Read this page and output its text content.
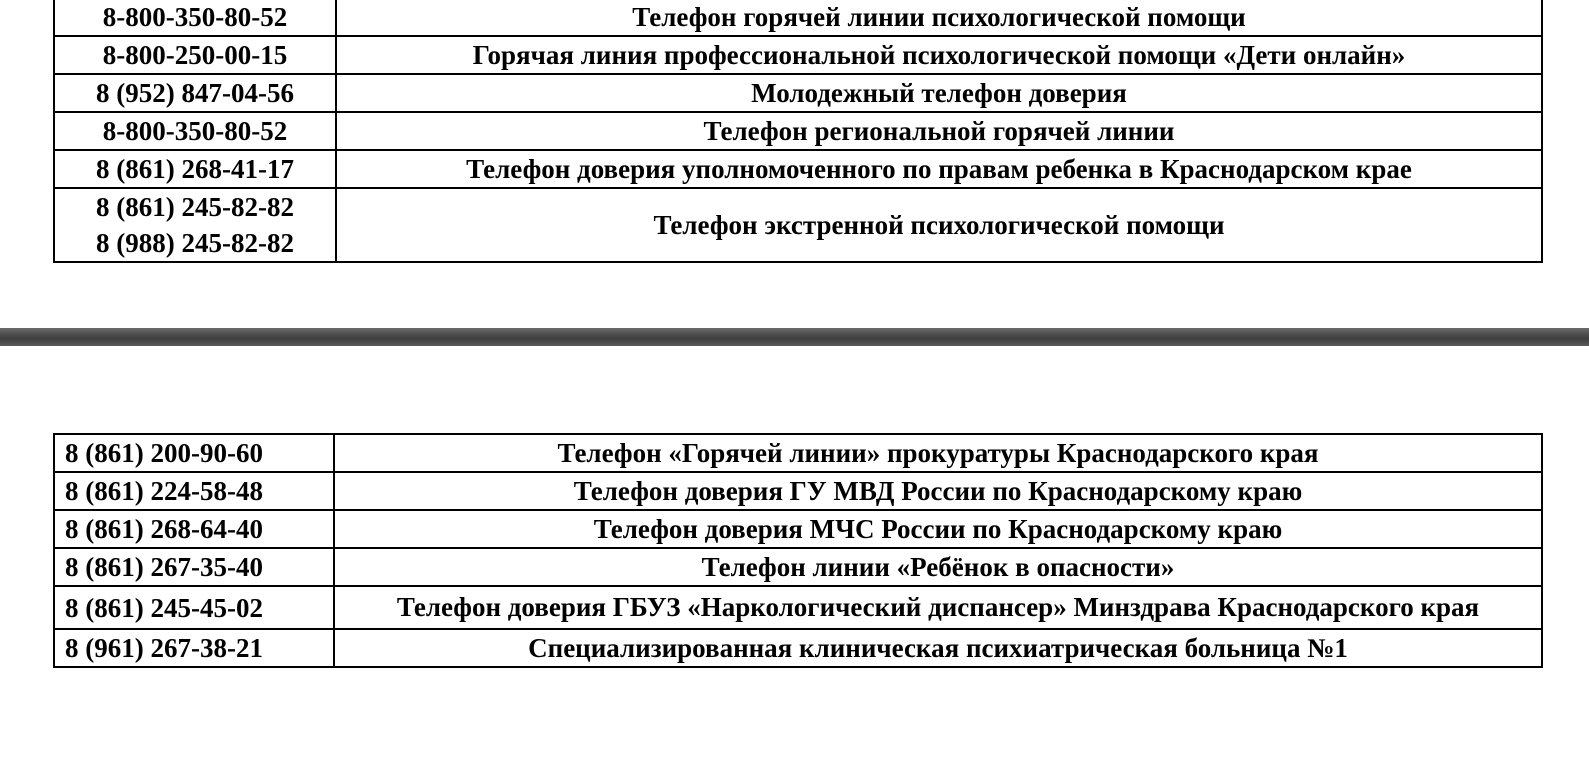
8-800-350-80-52	Телефон горячей линии психологической помощи
8-800-250-00-15	Горячая линия профессиональной психологической помощи «Дети онлайн»
8 (952) 847-04-56	Молодежный телефон доверия
8-800-350-80-52	Телефон региональной горячей линии
8 (861) 268-41-17	Телефон доверия уполномоченного по правам ребенка в Краснодарском крае

8 (861) 245-82-82
8 (988) 245-82-82	Телефон экстренной психологической помощи
8 (861) 200-90-60	Телефон «Горячей линии» прокуратуры Краснодарского края
8 (861) 224-58-48	Телефон доверия ГУ МВД России по Краснодарскому краю
8 (861) 268-64-40	Телефон доверия МЧС России по Краснодарскому краю
8 (861) 267-35-40	Телефон линии «Ребёнок в опасности»
8 (861) 245-45-02	Телефон доверия ГБУЗ «Наркологический диспансер» Минздрава Краснодарского края
8 (961) 267-38-21	Специализированная клиническая психиатрическая больница №1
